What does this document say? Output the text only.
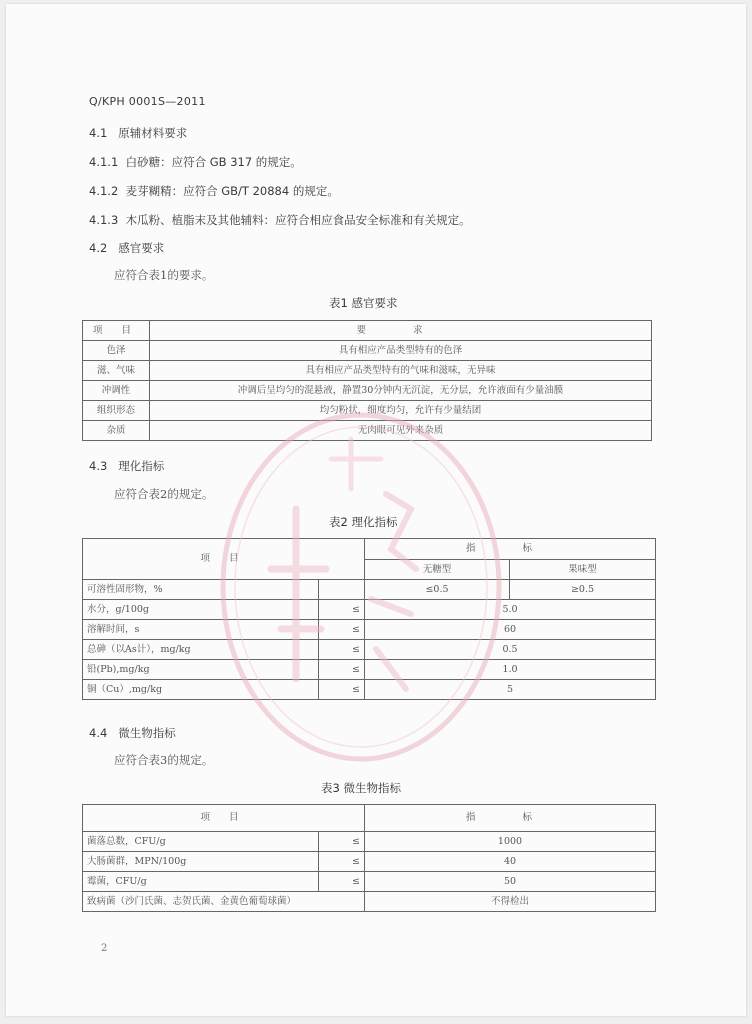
Q/KPH 0001S—2011
4.1 原辅材料要求
4.1.1 白砂糖：应符合 GB 317 的规定。
4.1.2 麦芽糊精：应符合 GB/T 20884 的规定。
4.1.3 木瓜粉、植脂末及其他辅料：应符合相应食品安全标准和有关规定。
4.2 感官要求
应符合表1的要求。
表1 感官要求
项 目	要 求
色泽	具有相应产品类型特有的色泽
滋、气味	具有相应产品类型特有的气味和滋味，无异味
冲调性	冲调后呈均匀的混悬液，静置30分钟内无沉淀，无分层，允许液面有少量油膜
组织形态	均匀粉状，细度均匀，允许有少量结团
杂质	无肉眼可见外来杂质
4.3 理化指标
应符合表2的规定。
表2 理化指标
项 目		指 标	
		无糖型	果味型
可溶性固形物，%		≤0.5	≥0.5
水分，g/100g	≤	5.0	
溶解时间，s	≤	60	
总砷（以As计），mg/kg	≤	0.5	
铅(Pb),mg/kg	≤	1.0	
铜（Cu）,mg/kg	≤	5	
4.4 微生物指标
应符合表3的规定。
表3 微生物指标
项 目		指 标
菌落总数，CFU/g	≤	1000
大肠菌群，MPN/100g	≤	40
霉菌，CFU/g	≤	50
致病菌（沙门氏菌、志贺氏菌、金黄色葡萄球菌）		不得检出
2
